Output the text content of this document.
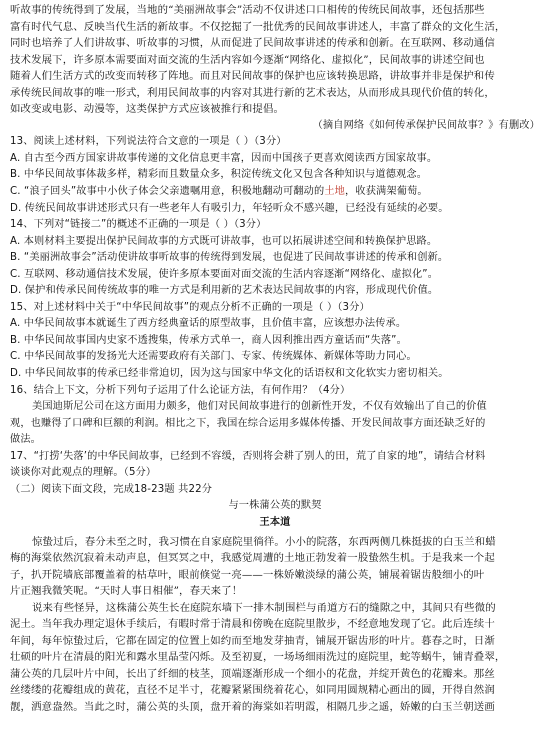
听故事的传统得到了发展，当地的“美丽洲故事会”活动不仅讲述口口相传的传统民间故事，还包括那些
富有时代气息、反映当代生活的新故事。不仅挖掘了一批优秀的民间故事讲述人，丰富了群众的文化生活，
同时也培养了人们讲故事、听故事的习惯，从而促进了民间故事讲述的传承和创新。在互联网、移动通信
技术发展下，许多原本需要面对面交流的生活内容如今逐渐“网络化、虚拟化”，民间故事的讲述空间也
随着人们生活方式的改变而转移了阵地。而且对民间故事的保护也应该转换思路，讲故事并非是保护和传
承传统民间故事的唯一形式，利用民间故事的内容对其进行新的艺术表达，从而形成具现代价值的转化，
如改变或电影、动漫等，这类保护方式应该被推行和提倡。
（摘自网络《如何传承保护民间故事？》有删改）
13、阅读上述材料，下列说法符合文意的一项是（ ）（3分）
A. 自古至今西方国家讲故事传递的文化信息更丰富，因而中国孩子更喜欢阅读西方国家故事。
B. 中华民间故事体裁多样，精彩而且数量众多，积淀传统文化又包含各种知识与道德观念。
C. “浪子回头”故事中小伙子体会父亲遗嘱用意，积极地翻动可翻动的土地，收获满架葡萄。
D. 传统民间故事讲述形式只有一些老年人有吸引力，年轻听众不感兴趣，已经没有延续的必要。
14、下列对“链接二”的概述不正确的一项是（ ）（3分）
A. 本则材料主要提出保护民间故事的方式既可讲故事，也可以拓展讲述空间和转换保护思路。
B. “美丽洲故事会”活动使讲故事听故事的传统得到发展，也促进了民间故事讲述的传承和创新。
C. 互联网、移动通信技术发展，使许多原本要面对面交流的生活内容逐渐“网络化、虚拟化”。
D. 保护和传承民间传统故事的唯一方式是利用新的艺术表达民间故事的内容，形成现代价值。
15、对上述材料中关于“中华民间故事”的观点分析不正确的一项是（ ）（3分）
A. 中华民间故事本就诞生了西方经典童话的原型故事，且价值丰富，应该想办法传承。
B. 中华民间故事国内史家不透搜集，传承方式单一，商人因利推出西方童话而“失落”。
C. 中华民间故事的发扬光大还需要政府有关部门、专家、传统媒体、新媒体等助力同心。
D. 中华民间故事的传承已经非常迫切，因为这与国家中华文化的话语权和文化软实力密切相关。
16、结合上下文，分析下列句子运用了什么论证方法，有何作用？（4分）
美国迪斯尼公司在这方面用力颇多，他们对民间故事进行的创新性开发，不仅有效输出了自己的价值
观，也赚得了口碑和巨额的利润。相比之下，我国在综合运用多媒体传播、开发民间故事方面还缺乏好的
做法。
17、“打捞‘失落’的中华民间故事，已经到不容缓，否则将会耕了别人的田，荒了自家的地”，请结合材料
谈谈你对此观点的理解。（5分）
（二）阅读下面文段，完成18-23题 共22分
与一株蒲公英的默契
王本道
惊蛰过后，春分未至之时，我习惯在自家庭院里徜徉。小小的院落，东西两侧几株挺拔的白玉兰和蜡
梅的海棠依然沉寂着未动声息，但冥冥之中，我感觉周遭的土地正勃发着一股蛰然生机。于是我来一个起
子，扒开院墙底部覆盖着的枯草叶，眼前倏觉一亮——一株娇嫩淡绿的蒲公英，铺展着锯齿般细小的叶
片正翘我微笑呢。“天时人事日相催”，春天来了！
说来有些怪异，这株蒲公英生长在庭院东墙下一排木制围栏与甬道方石的缝隙之中，其间只有些微的
泥土。当年我办理定退休手续后，有暇时常于清晨和傍晚在庭院里散步，不经意地发现了它。此后连续十
年间，每年惊蛰过后，它都在固定的位置上如约而至地发芽抽青，铺展开锯齿形的叶片。暮春之时，日渐
壮硕的叶片在清晨的阳光和露水里晶莹闪烁。及至初夏，一场场细雨洗过的庭院里，蛇等蜗牛，铺青叠翠，
蒲公英的几层叶片中间，长出了纤细的枝茎，顶端逐渐形成一个细小的花盘，并绽开黄色的花瓣来。那丝
丝缕缕的花瓣组成的黄花，直径不足半寸，花瓣紧紧围绕着花心，如同用圆规精心画出的圆，开得自然润
靓，洒意盎然。当此之时，蒲公英的头顶，盘开着的海棠如若明霞，相隔几步之遥，娇嫩的白玉兰朝送画
